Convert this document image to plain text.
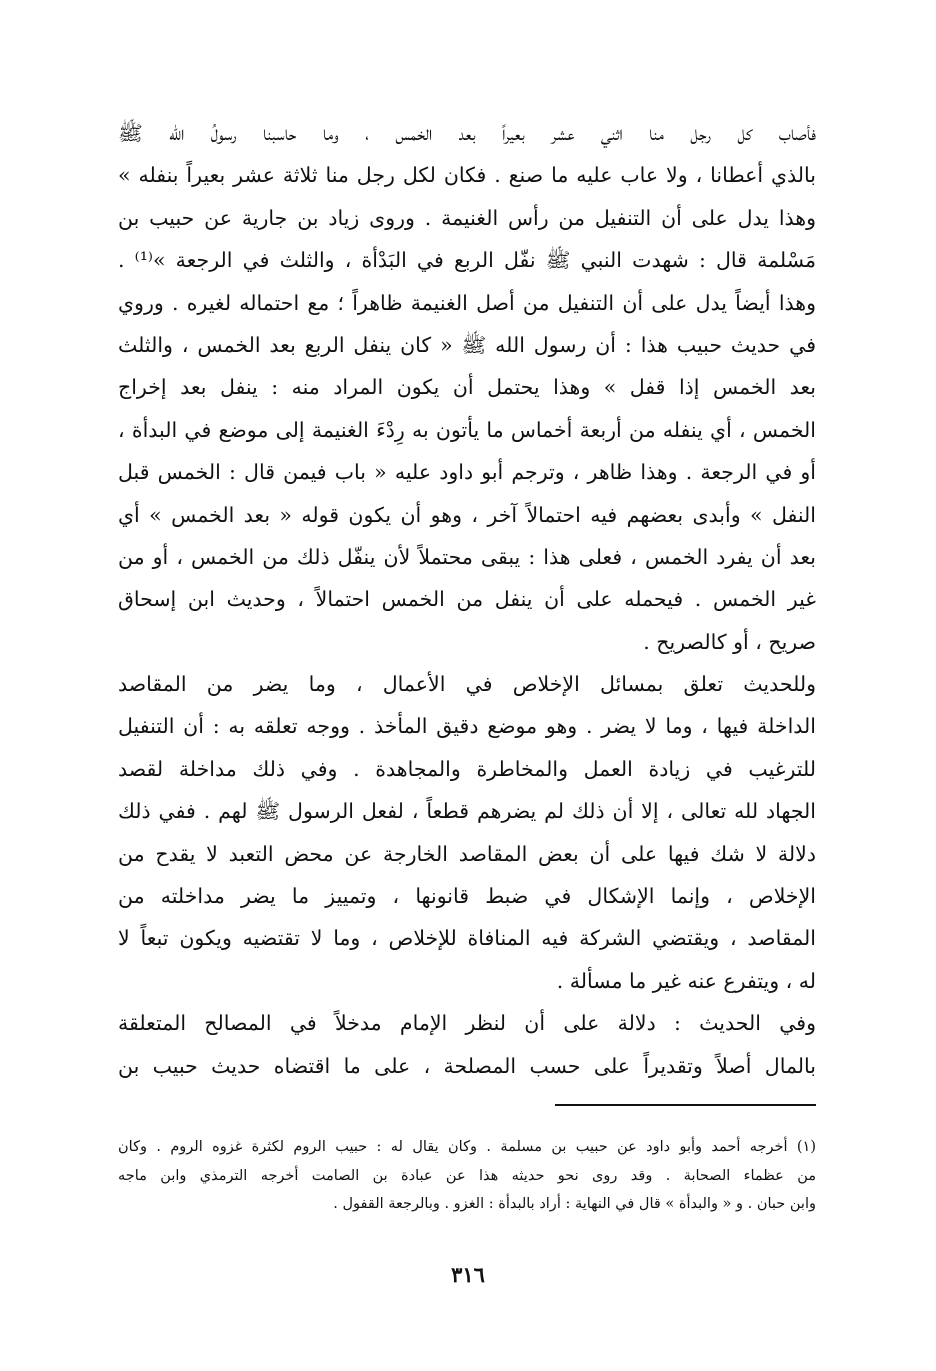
فأصاب كل رجل منا اثني عشر بعيراً بعد الخمس ، وما حاسبنا رسولُ الله ﷺ
بالذي أعطانا ، ولا عاب عليه ما صنع . فكان لكل رجل منا ثلاثة عشر بعيراً بنفله »
وهذا يدل على أن التنفيل من رأس الغنيمة . وروى زياد بن جارية عن حبيب بن
مَسْلمة قال : شهدت النبي ﷺ نفّل الربع في البَدْأة ، والثلث في الرجعة »⁽¹⁾ .
وهذا أيضاً يدل على أن التنفيل من أصل الغنيمة ظاهراً ؛ مع احتماله لغيره . وروي
في حديث حبيب هذا : أن رسول الله ﷺ « كان ينفل الربع بعد الخمس ، والثلث
بعد الخمس إذا قفل » وهذا يحتمل أن يكون المراد منه : ينفل بعد إخراج
الخمس ، أي ينفله من أربعة أخماس ما يأتون به رِدْءَ الغنيمة إلى موضع في البدأة ،
أو في الرجعة . وهذا ظاهر ، وترجم أبو داود عليه « باب فيمن قال : الخمس قبل
النفل » وأبدى بعضهم فيه احتمالاً آخر ، وهو أن يكون قوله « بعد الخمس » أي
بعد أن يفرد الخمس ، فعلى هذا : يبقى محتملاً لأن ينفّل ذلك من الخمس ، أو من
غير الخمس . فيحمله على أن ينفل من الخمس احتمالاً ، وحديث ابن إسحاق
صريح ، أو كالصريح .
وللحديث تعلق بمسائل الإخلاص في الأعمال ، وما يضر من المقاصد
الداخلة فيها ، وما لا يضر . وهو موضع دقيق المأخذ . ووجه تعلقه به : أن التنفيل
للترغيب في زيادة العمل والمخاطرة والمجاهدة . وفي ذلك مداخلة لقصد
الجهاد لله تعالى ، إلا أن ذلك لم يضرهم قطعاً ، لفعل الرسول ﷺ لهم . ففي ذلك
دلالة لا شك فيها على أن بعض المقاصد الخارجة عن محض التعبد لا يقدح من
الإخلاص ، وإنما الإشكال في ضبط قانونها ، وتمييز ما يضر مداخلته من
المقاصد ، ويقتضي الشركة فيه المنافاة للإخلاص ، وما لا تقتضيه ويكون تبعاً لا
له ، ويتفرع عنه غير ما مسألة .
وفي الحديث : دلالة على أن لنظر الإمام مدخلاً في المصالح المتعلقة
بالمال أصلاً وتقديراً على حسب المصلحة ، على ما اقتضاه حديث حبيب بن
(١) أخرجه أحمد وأبو داود عن حبيب بن مسلمة . وكان يقال له : حبيب الروم لكثرة غزوه الروم . وكان
من عظماء الصحابة . وقد روى نحو حديثه هذا عن عبادة بن الصامت أخرجه الترمذي وابن ماجه
وابن حبان . و « والبدأة » قال في النهاية : أراد بالبدأة : الغزو . وبالرجعة القفول .
٣١٦
